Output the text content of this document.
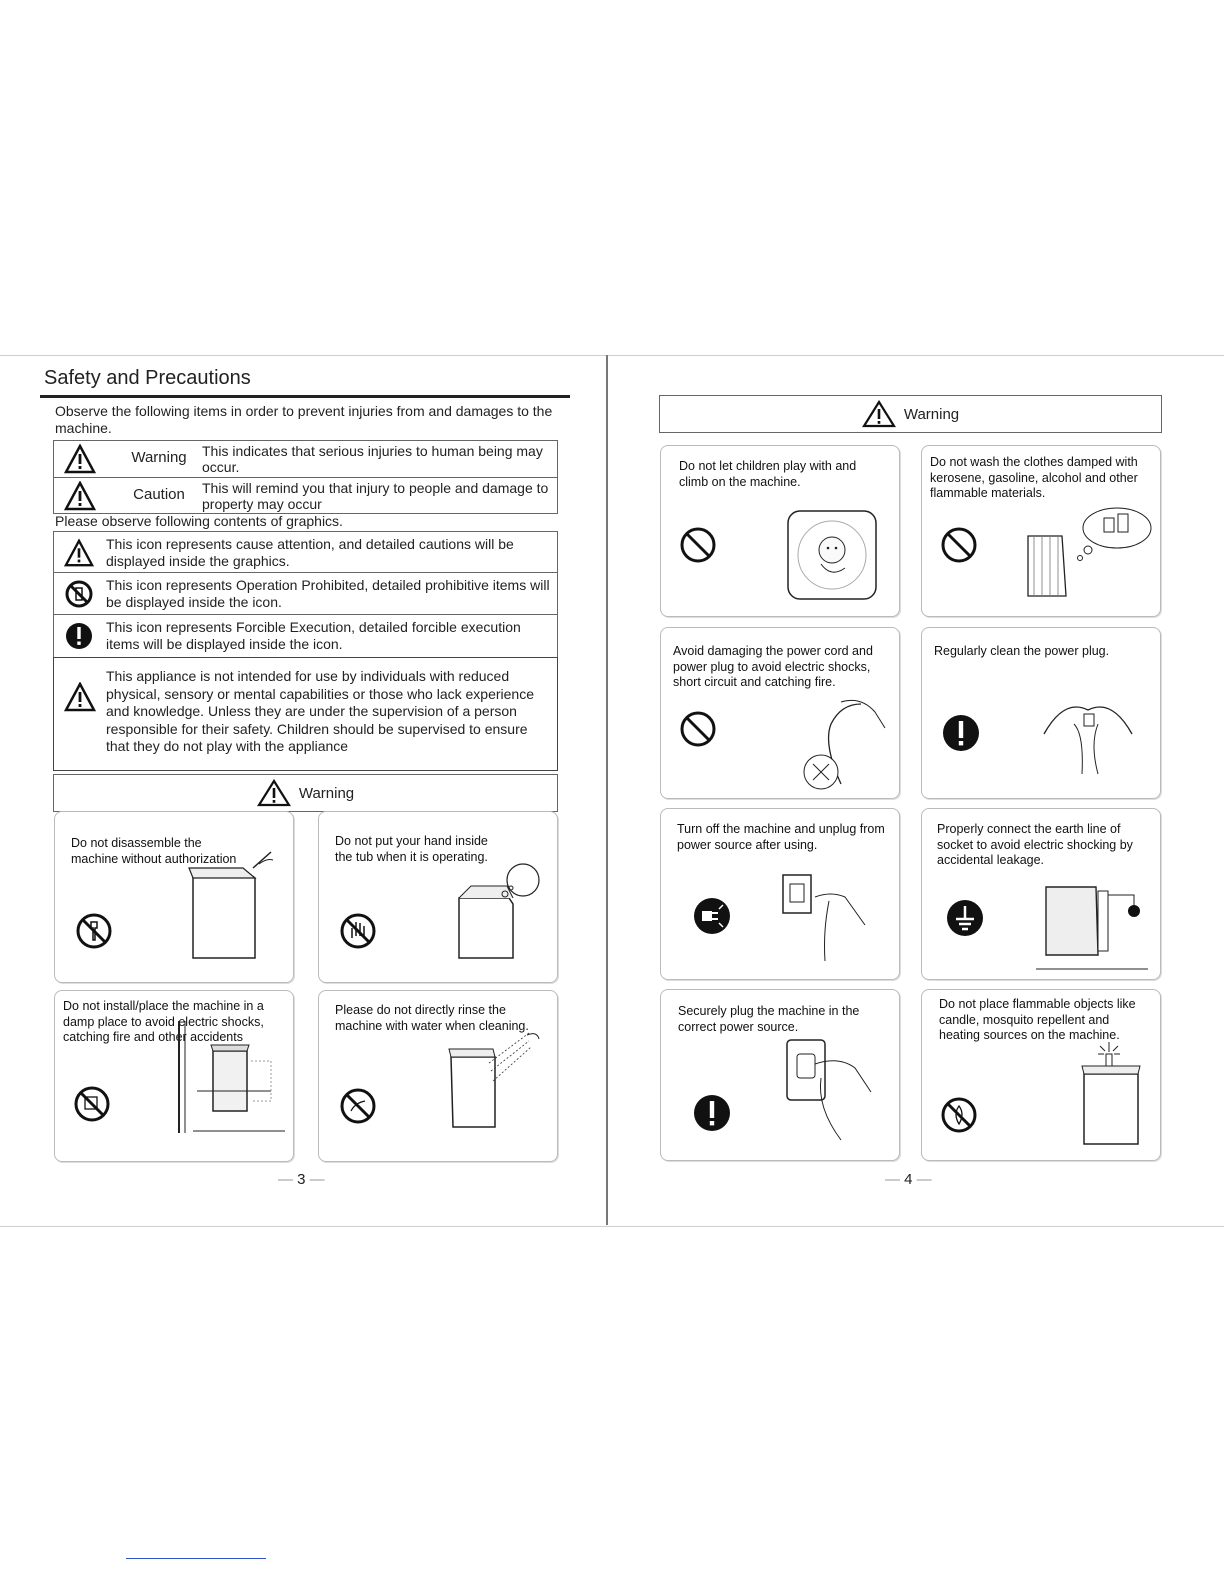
Safety and Precautions
Observe the following items in order to prevent injuries from and damages to the machine.
Warning	This indicates that serious injuries to human being may occur.
Caution	This will remind you that injury to people and damage to property may occur
Please observe following contents of graphics.
This icon represents cause attention, and detailed cautions will be displayed inside the graphics.
This icon represents Operation Prohibited, detailed prohibitive items will be displayed inside the icon.
This icon represents Forcible Execution, detailed forcible execution items will be displayed inside the icon.
This appliance is not intended for use by individuals with reduced physical, sensory or mental capabilities or those who lack experience and knowledge. Unless they are under the supervision of a person responsible for their safety. Children should be supervised to ensure that they do not play with the appliance
Warning
Do not disassemble the machine without authorization
Do not put your hand inside the tub when it is operating.
Do not install/place the machine in a damp place to avoid electric shocks, catching fire and other accidents
Please do not directly rinse the machine with water when cleaning.
— 3 —
Warning
Do not let children play with and climb on the machine.
Do not wash the clothes damped with kerosene, gasoline, alcohol and other flammable materials.
Avoid damaging the power cord and power plug to avoid electric shocks, short circuit and catching fire.
Regularly clean the power plug.
Turn off the machine and unplug from power source after using.
Properly connect the earth line of socket to avoid electric shocking by accidental leakage.
Securely plug the machine in the correct power source.
Do not place flammable objects like candle, mosquito repellent and heating sources on the machine.
— 4 —
